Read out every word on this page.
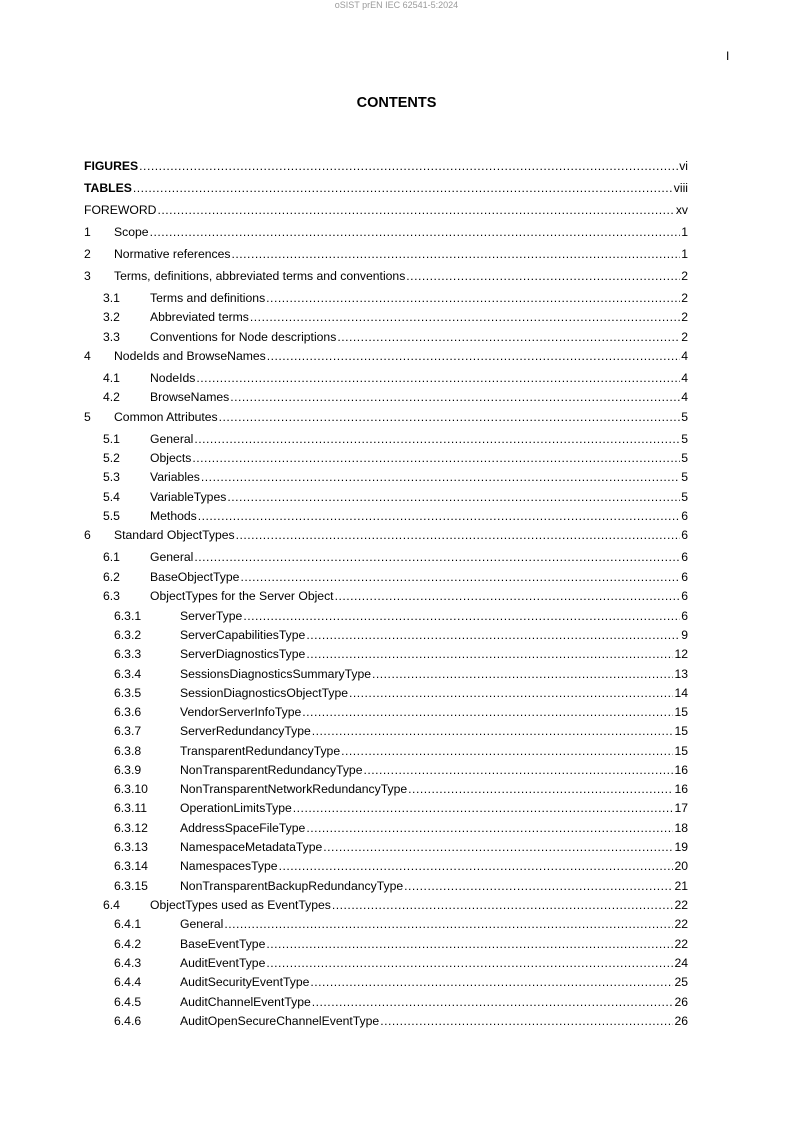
oSIST prEN IEC 62541-5:2024
I
CONTENTS
FIGURES .....	vi
TABLES .....	viii
FOREWORD .....	xv
1 Scope .....	1
2 Normative references .....	1
3 Terms, definitions, abbreviated terms and conventions .....	2
3.1 Terms and definitions .....	2
3.2 Abbreviated terms .....	2
3.3 Conventions for Node descriptions .....	2
4 NodeIds and BrowseNames .....	4
4.1 NodeIds .....	4
4.2 BrowseNames .....	4
5 Common Attributes .....	5
5.1 General .....	5
5.2 Objects .....	5
5.3 Variables .....	5
5.4 VariableTypes .....	5
5.5 Methods .....	6
6 Standard ObjectTypes .....	6
6.1 General .....	6
6.2 BaseObjectType .....	6
6.3 ObjectTypes for the Server Object .....	6
6.3.1	ServerType .....	6
6.3.2	ServerCapabilitiesType .....	9
6.3.3	ServerDiagnosticsType .....	12
6.3.4	SessionsDiagnosticsSummaryType .....	13
6.3.5	SessionDiagnosticsObjectType .....	14
6.3.6	VendorServerInfoType .....	15
6.3.7	ServerRedundancyType .....	15
6.3.8	TransparentRedundancyType .....	15
6.3.9	NonTransparentRedundancyType .....	16
6.3.10	NonTransparentNetworkRedundancyType .....	16
6.3.11	OperationLimitsType .....	17
6.3.12	AddressSpaceFileType .....	18
6.3.13	NamespaceMetadataType .....	19
6.3.14	NamespacesType .....	20
6.3.15	NonTransparentBackupRedundancyType .....	21
6.4 ObjectTypes used as EventTypes .....	22
6.4.1	General .....	22
6.4.2	BaseEventType .....	22
6.4.3	AuditEventType .....	24
6.4.4	AuditSecurityEventType .....	25
6.4.5	AuditChannelEventType .....	26
6.4.6	AuditOpenSecureChannelEventType .....	26
